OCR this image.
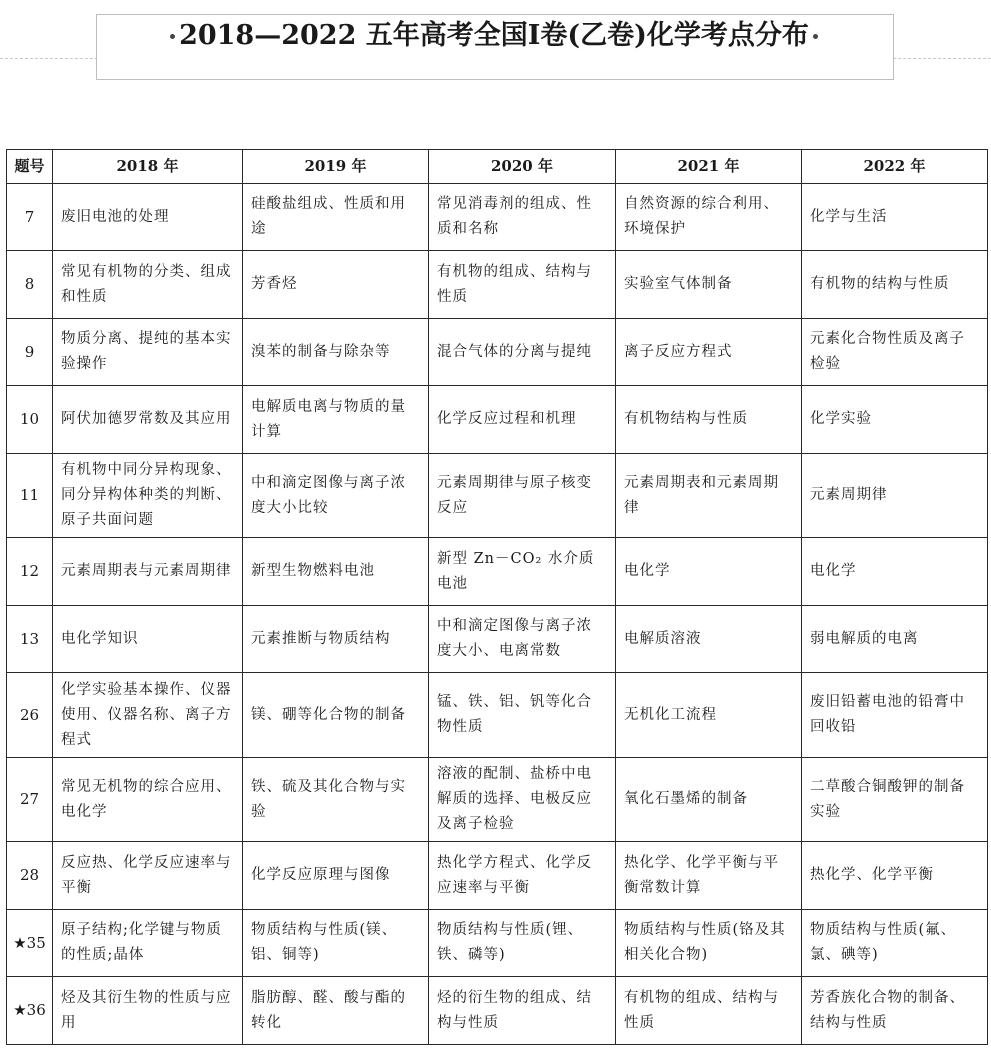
2018—2022 五年高考全国Ⅰ卷(乙卷)化学考点分布
题号	2018 年	2019 年	2020 年	2021 年	2022 年
7	废旧电池的处理	硅酸盐组成、性质和用途	常见消毒剂的组成、性质和名称	自然资源的综合利用、环境保护	化学与生活
8	常见有机物的分类、组成和性质	芳香烃	有机物的组成、结构与性质	实验室气体制备	有机物的结构与性质
9	物质分离、提纯的基本实验操作	溴苯的制备与除杂等	混合气体的分离与提纯	离子反应方程式	元素化合物性质及离子检验
10	阿伏加德罗常数及其应用	电解质电离与物质的量计算	化学反应过程和机理	有机物结构与性质	化学实验
11	有机物中同分异构现象、同分异构体种类的判断、原子共面问题	中和滴定图像与离子浓度大小比较	元素周期律与原子核变反应	元素周期表和元素周期律	元素周期律
12	元素周期表与元素周期律	新型生物燃料电池	新型 Zn－CO₂ 水介质电池	电化学	电化学
13	电化学知识	元素推断与物质结构	中和滴定图像与离子浓度大小、电离常数	电解质溶液	弱电解质的电离
26	化学实验基本操作、仪器使用、仪器名称、离子方程式	镁、硼等化合物的制备	锰、铁、铝、钒等化合物性质	无机化工流程	废旧铅蓄电池的铅膏中回收铅
27	常见无机物的综合应用、电化学	铁、硫及其化合物与实验	溶液的配制、盐桥中电解质的选择、电极反应及离子检验	氧化石墨烯的制备	二草酸合铜酸钾的制备实验
28	反应热、化学反应速率与平衡	化学反应原理与图像	热化学方程式、化学反应速率与平衡	热化学、化学平衡与平衡常数计算	热化学、化学平衡
★35	原子结构;化学键与物质的性质;晶体	物质结构与性质(镁、铝、铜等)	物质结构与性质(锂、铁、磷等)	物质结构与性质(铬及其相关化合物)	物质结构与性质(氟、氯、碘等)
★36	烃及其衍生物的性质与应用	脂肪醇、醛、酸与酯的转化	烃的衍生物的组成、结构与性质	有机物的组成、结构与性质	芳香族化合物的制备、结构与性质
